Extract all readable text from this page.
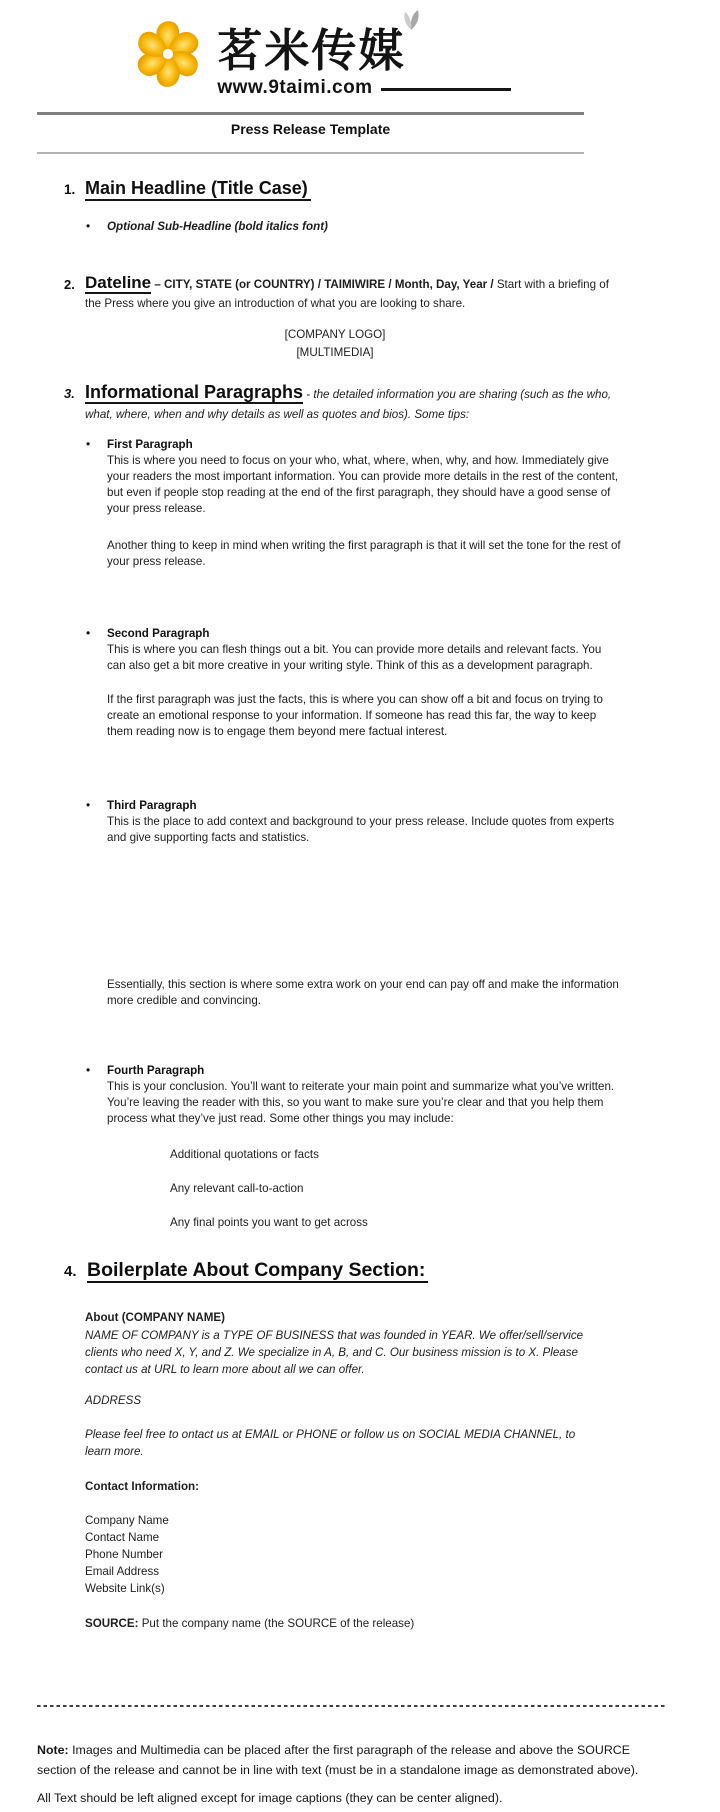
茗米传媒
www.9taimi.com
Press Release Template
1. Main Headline (Title Case)
• Optional Sub-Headline (bold italics font)
2. Dateline – CITY, STATE (or COUNTRY) / TAIMIWIRE / Month, Day, Year / Start with a briefing of the Press where you give an introduction of what you are looking to share.
[COMPANY LOGO]
[MULTIMEDIA]
3. Informational Paragraphs - the detailed information you are sharing (such as the who, what, where, when and why details as well as quotes and bios). Some tips:
• First Paragraph
This is where you need to focus on your who, what, where, when, why, and how. Immediately give your readers the most important information. You can provide more details in the rest of the content, but even if people stop reading at the end of the first paragraph, they should have a good sense of your press release.
Another thing to keep in mind when writing the first paragraph is that it will set the tone for the rest of your press release.
• Second Paragraph
This is where you can flesh things out a bit. You can provide more details and relevant facts. You can also get a bit more creative in your writing style. Think of this as a development paragraph.
If the first paragraph was just the facts, this is where you can show off a bit and focus on trying to create an emotional response to your information. If someone has read this far, the way to keep them reading now is to engage them beyond mere factual interest.
• Third Paragraph
This is the place to add context and background to your press release. Include quotes from experts and give supporting facts and statistics.
Essentially, this section is where some extra work on your end can pay off and make the information more credible and convincing.
• Fourth Paragraph
This is your conclusion. You’ll want to reiterate your main point and summarize what you’ve written. You’re leaving the reader with this, so you want to make sure you’re clear and that you help them process what they’ve just read. Some other things you may include:
Additional quotations or facts
Any relevant call-to-action
Any final points you want to get across
4. Boilerplate About Company Section:
About (COMPANY NAME)
NAME OF COMPANY is a TYPE OF BUSINESS that was founded in YEAR. We offer/sell/service clients who need X, Y, and Z. We specialize in A, B, and C. Our business mission is to X. Please contact us at URL to learn more about all we can offer.
ADDRESS
Please feel free to ontact us at EMAIL or PHONE or follow us on SOCIAL MEDIA CHANNEL, to learn more.
Contact Information:
Company Name
Contact Name
Phone Number
Email Address
Website Link(s)
SOURCE: Put the company name (the SOURCE of the release)
Note: Images and Multimedia can be placed after the first paragraph of the release and above the SOURCE section of the release and cannot be in line with text (must be in a standalone image as demonstrated above).
All Text should be left aligned except for image captions (they can be center aligned).
